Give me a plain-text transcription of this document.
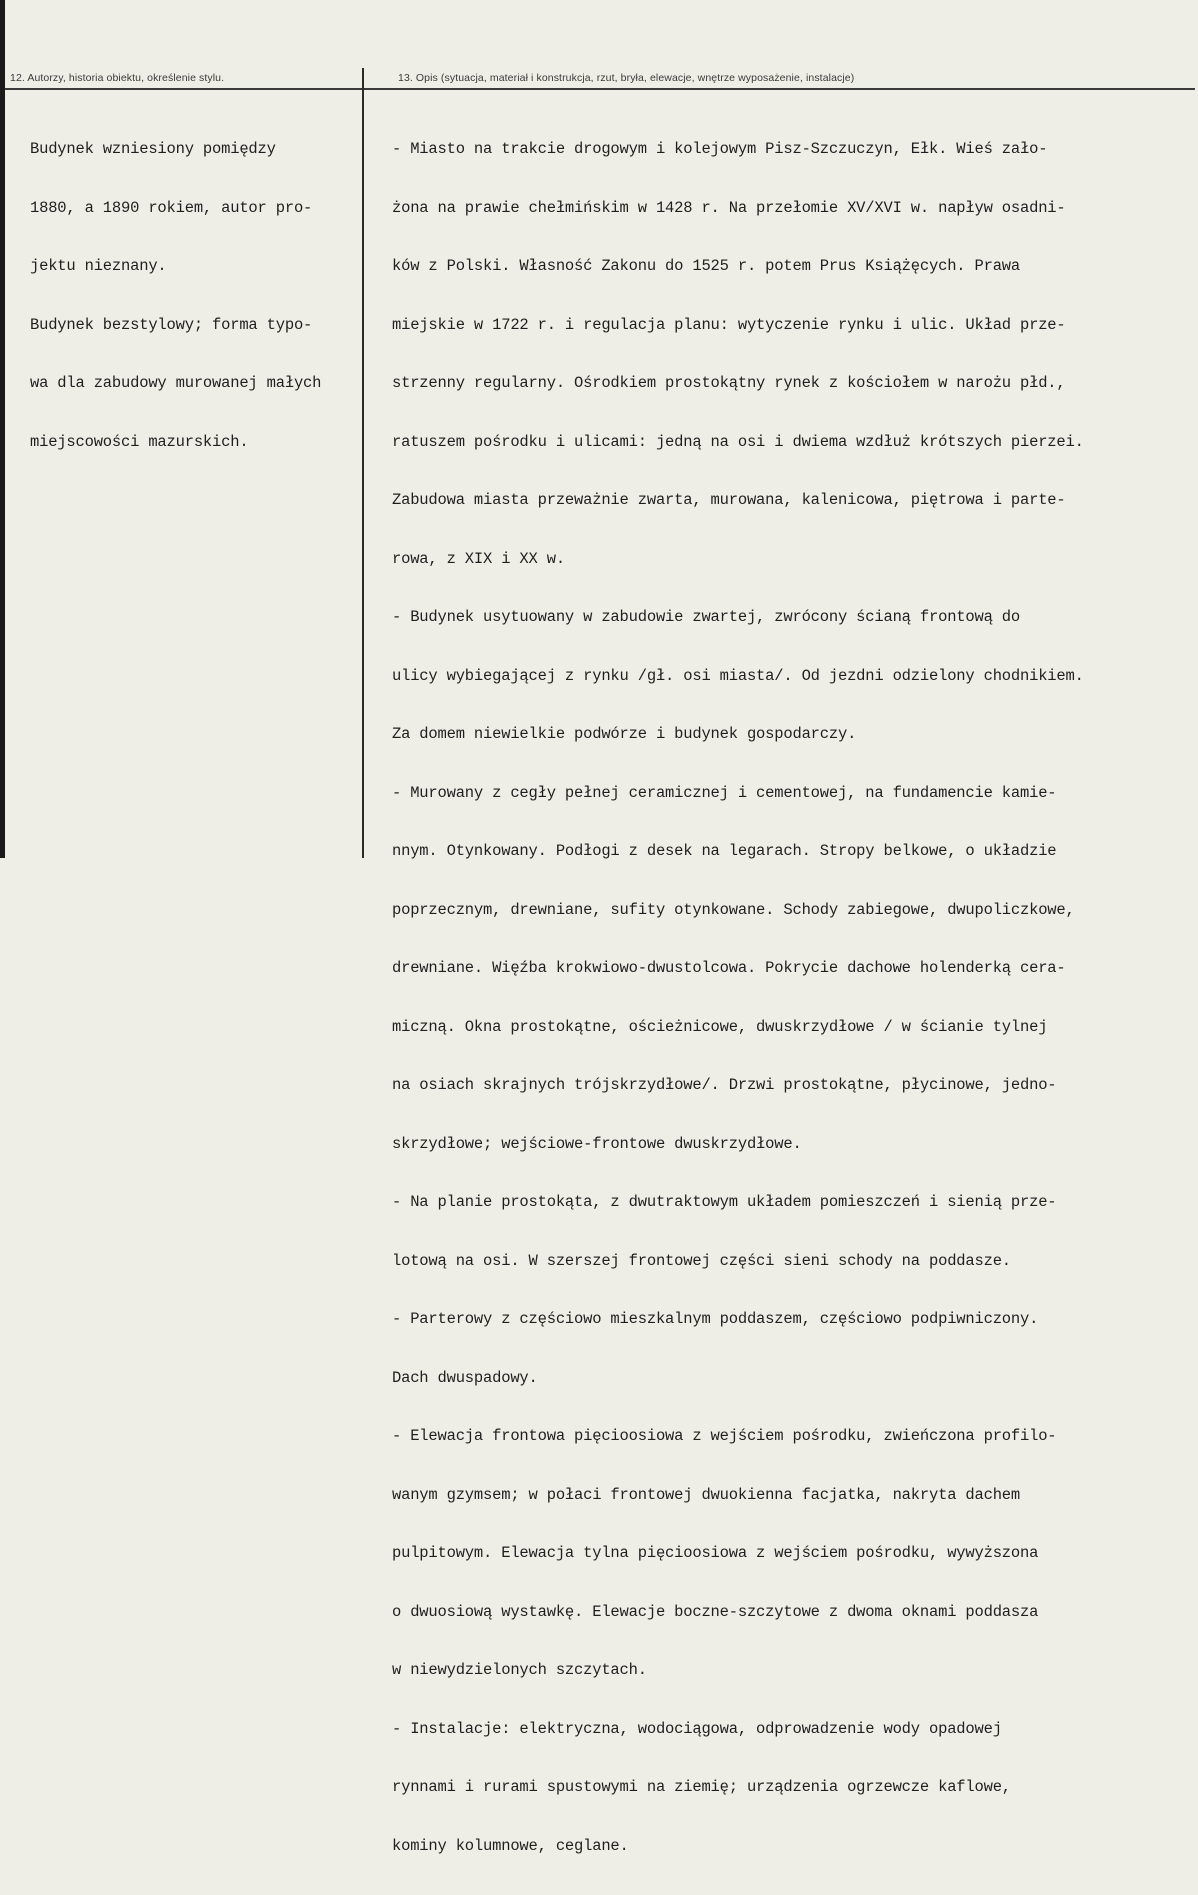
12. Autorzy, historia obiektu, określenie stylu.	13. Opis (sytuacja, materiał i konstrukcja, rzut, bryła, elewacje, wnętrze wyposażenie, instalacje)

Budynek wzniesiony pomiędzy

1880, a 1890 rokiem, autor pro-

jektu nieznany.

Budynek bezstylowy; forma typo-

wa dla zabudowy murowanej małych

miejscowości mazurskich.

- Miasto na trakcie drogowym i kolejowym Pisz-Szczuczyn, Ełk. Wieś zało-

żona na prawie chełmińskim w 1428 r. Na przełomie XV/XVI w. napływ osadni-

ków z Polski. Własność Zakonu do 1525 r. potem Prus Książęcych. Prawa

miejskie w 1722 r. i regulacja planu: wytyczenie rynku i ulic. Układ prze-

strzenny regularny. Ośrodkiem prostokątny rynek z kościołem w narożu płd.,

ratuszem pośrodku i ulicami: jedną na osi i dwiema wzdłuż krótszych pierzei.

Zabudowa miasta przeważnie zwarta, murowana, kalenicowa, piętrowa i parte-

rowa, z XIX i XX w.

- Budynek usytuowany w zabudowie zwartej, zwrócony ścianą frontową do

ulicy wybiegającej z rynku /gł. osi miasta/. Od jezdni odzielony chodnikiem.

Za domem niewielkie podwórze i budynek gospodarczy.

- Murowany z cegły pełnej ceramicznej i cementowej, na fundamencie kamie-

nnym. Otynkowany. Podłogi z desek na legarach. Stropy belkowe, o układzie

poprzecznym, drewniane, sufity otynkowane. Schody zabiegowe, dwupoliczkowe,

drewniane. Więźba krokwiowo-dwustolcowa. Pokrycie dachowe holenderką cera-

miczną. Okna prostokątne, ościeżnicowe, dwuskrzydłowe / w ścianie tylnej

na osiach skrajnych trójskrzydłowe/. Drzwi prostokątne, płycinowe, jedno-

skrzydłowe; wejściowe-frontowe dwuskrzydłowe.

- Na planie prostokąta, z dwutraktowym układem pomieszczeń i sienią prze-

lotową na osi. W szerszej frontowej części sieni schody na poddasze.

- Parterowy z częściowo mieszkalnym poddaszem, częściowo podpiwniczony.

Dach dwuspadowy.

- Elewacja frontowa pięcioosiowa z wejściem pośrodku, zwieńczona profilo-

wanym gzymsem; w połaci frontowej dwuokienna facjatka, nakryta dachem

pulpitowym. Elewacja tylna pięcioosiowa z wejściem pośrodku, wywyższona

o dwuosiową wystawkę. Elewacje boczne-szczytowe z dwoma oknami poddasza

w niewydzielonych szczytach.

- Instalacje: elektryczna, wodociągowa, odprowadzenie wody opadowej

rynnami i rurami spustowymi na ziemię; urządzenia ogrzewcze kaflowe,

kominy kolumnowe, ceglane.
